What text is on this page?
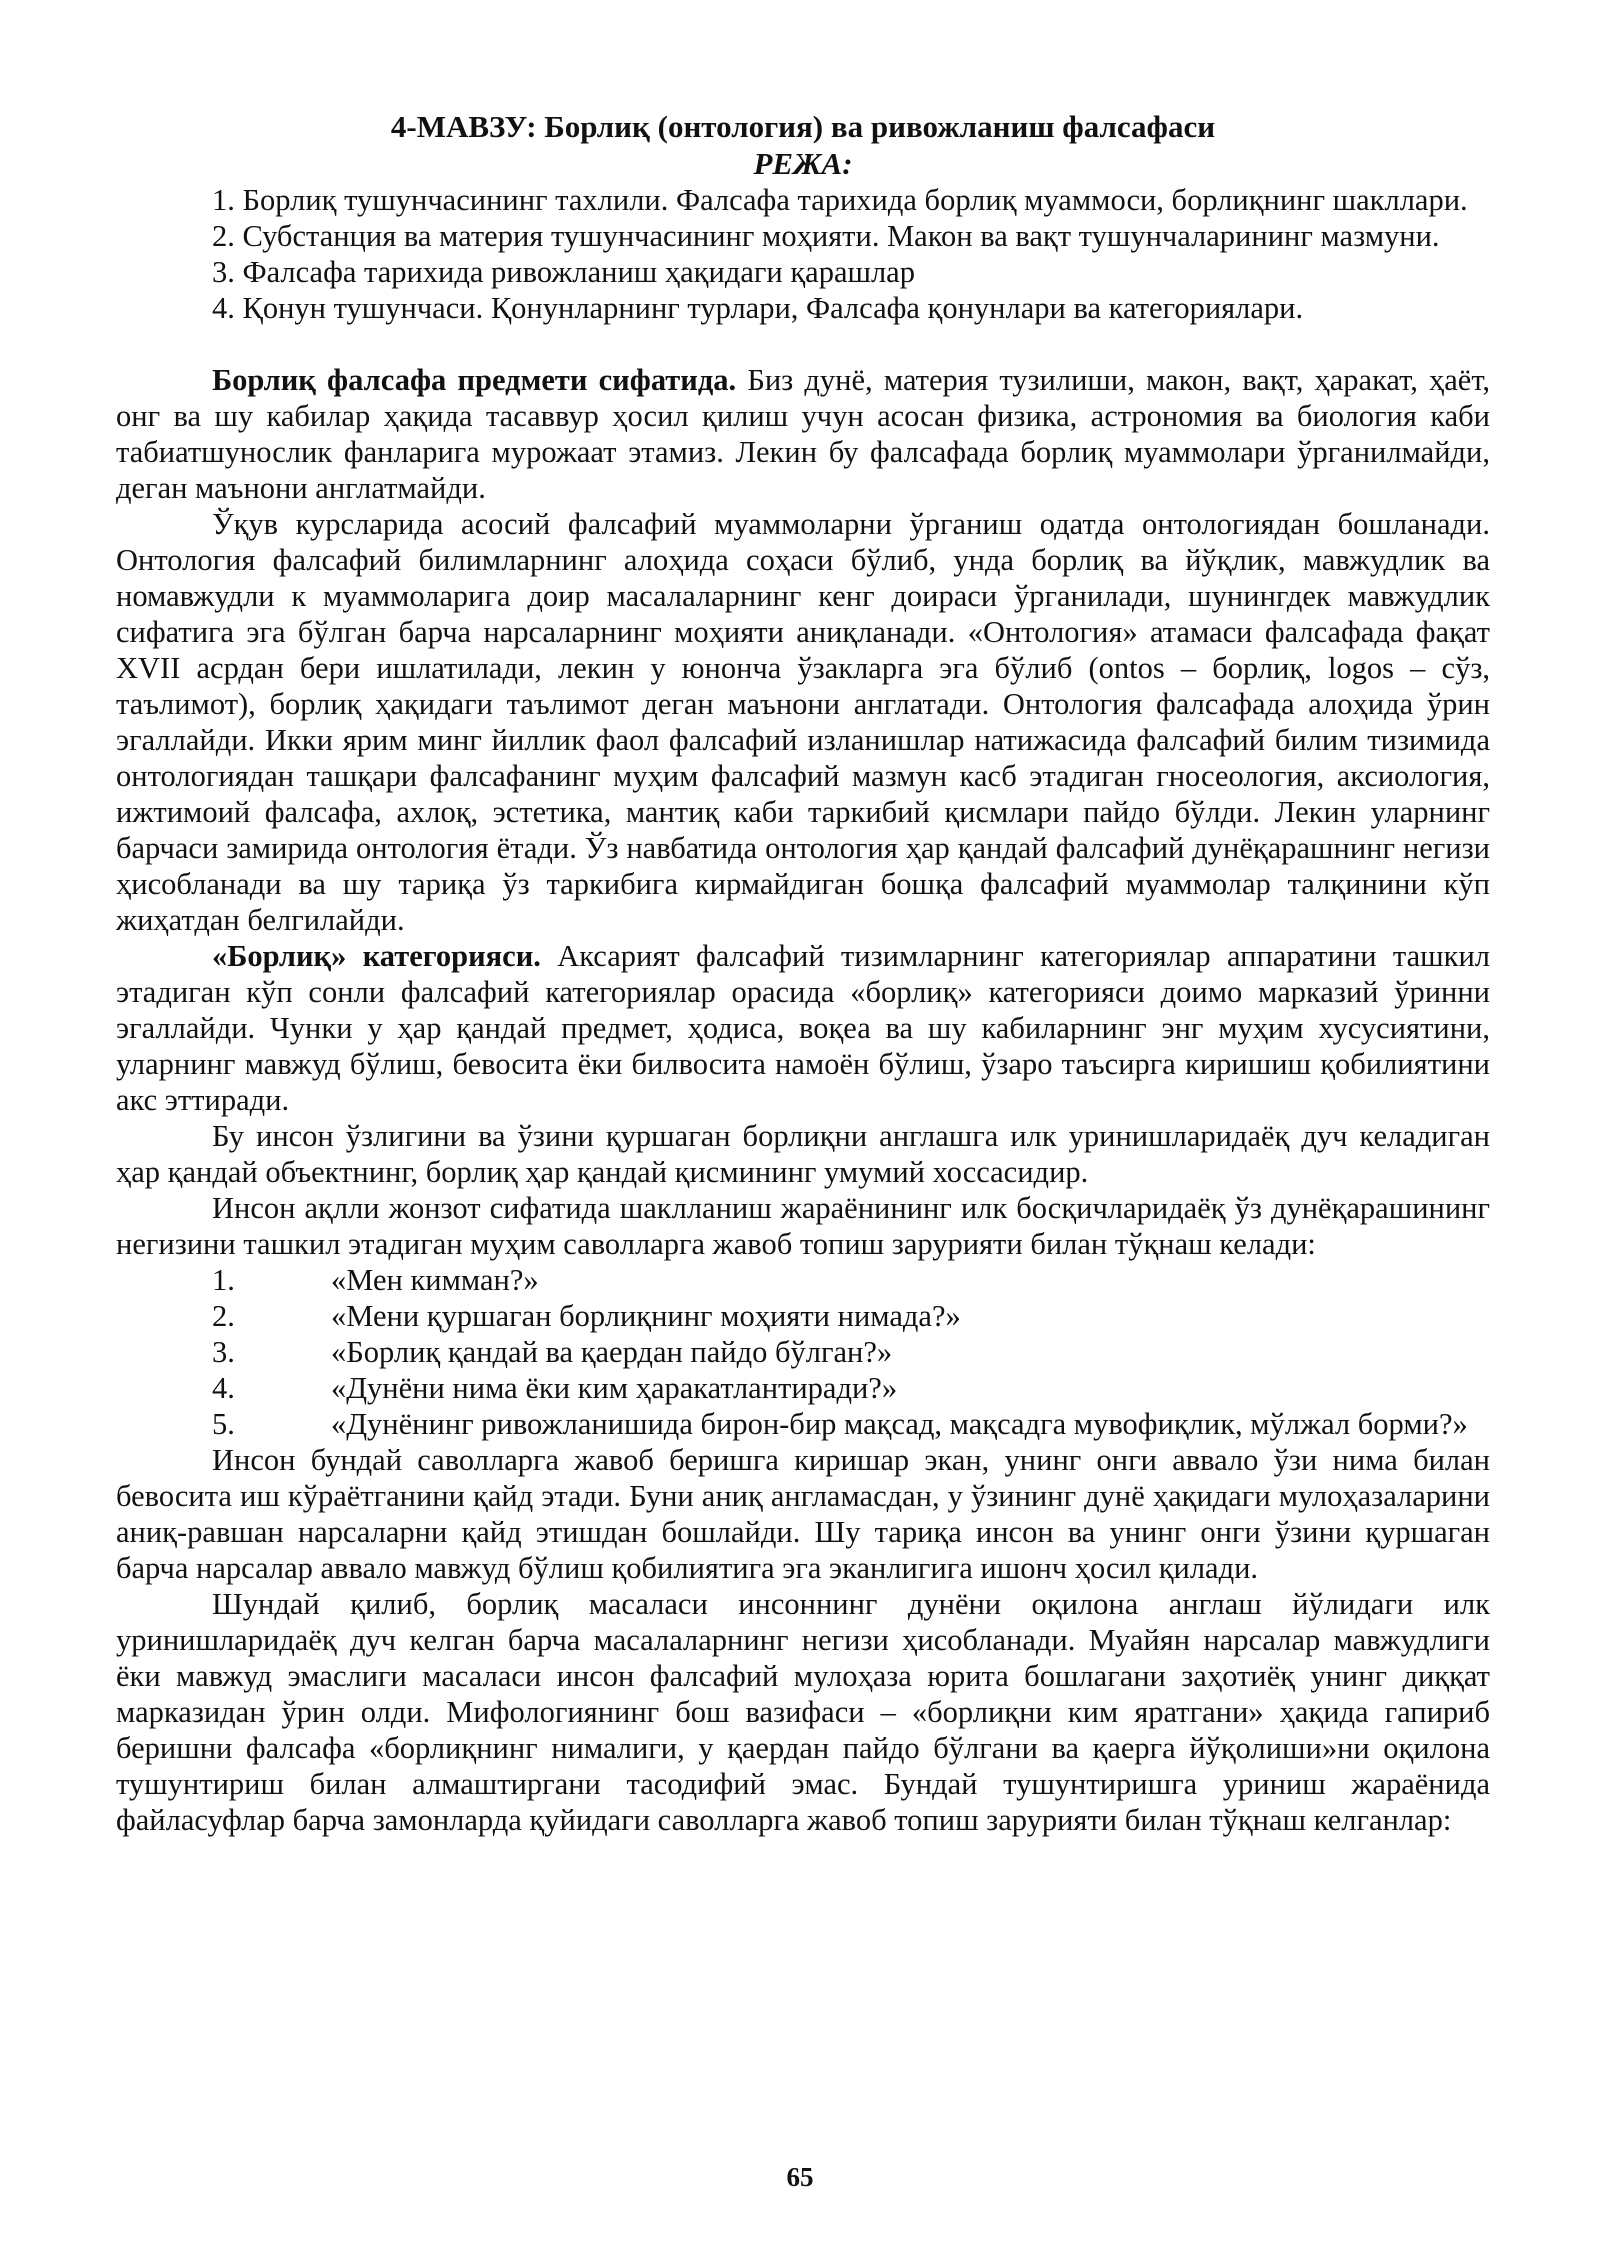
4-МАВЗУ: Борлиқ (онтология) ва ривожланиш фалсафаси
РЕЖА:

1. Борлиқ тушунчасининг тахлили. Фалсафа тарихида борлиқ муаммоси, борлиқнинг шакллари.

2. Субстанция ва материя тушунчасининг моҳияти. Макон ва вақт тушунчаларининг мазмуни.

3. Фалсафа тарихида ривожланиш ҳақидаги қарашлар

4. Қонун тушунчаси. Қонунларнинг турлари, Фалсафа қонунлари ва категориялари.

Борлиқ фалсафа предмети сифатида. Биз дунё, материя тузилиши, макон, вақт, ҳаракат, ҳаёт, онг ва шу кабилар ҳақида тасаввур ҳосил қилиш учун асосан физика, астрономия ва биология каби табиатшунослик фанларига мурожаат этамиз. Лекин бу фалсафада борлиқ муаммолари ўрганилмайди, деган маънони англатмайди.

Ўқув курсларида асосий фалсафий муаммоларни ўрганиш одатда онтологиядан бошланади. Онтология фалсафий билимларнинг алоҳида соҳаси бўлиб, унда борлиқ ва йўқлик, мавжудлик ва номавжудли к муаммоларига доир масалаларнинг кенг доираси ўрганилади, шунингдек мавжудлик сифатига эга бўлган барча нарсаларнинг моҳияти аниқланади. «Онтология» атамаси фалсафада фақат XVII асрдан бери ишлатилади, лекин у юнонча ўзакларга эга бўлиб (ontos – борлиқ, logos – сўз, таълимот), борлиқ ҳақидаги таълимот деган маънони англатади. Онтология фалсафада алоҳида ўрин эгаллайди. Икки ярим минг йиллик фаол фалсафий изланишлар натижасида фалсафий билим тизимида онтологиядан ташқари фалсафанинг муҳим фалсафий мазмун касб этадиган гносеология, аксиология, ижтимоий фалсафа, ахлоқ, эстетика, мантиқ каби таркибий қисмлари пайдо бўлди. Лекин уларнинг барчаси замирида онтология ётади. Ўз навбатида онтология ҳар қандай фалсафий дунёқарашнинг негизи ҳисобланади ва шу тариқа ўз таркибига кирмайдиган бошқа фалсафий муаммолар талқинини кўп жиҳатдан белгилайди.

«Борлиқ» категорияси. Аксарият фалсафий тизимларнинг категориялар аппаратини ташкил этадиган кўп сонли фалсафий категориялар орасида «борлиқ» категорияси доимо марказий ўринни эгаллайди. Чунки у ҳар қандай предмет, ҳодиса, воқеа ва шу кабиларнинг энг муҳим хусусиятини, уларнинг мавжуд бўлиш, бевосита ёки билвосита намоён бўлиш, ўзаро таъсирга киришиш қобилиятини акс эттиради.

Бу инсон ўзлигини ва ўзини қуршаган борлиқни англашга илк уринишларидаёқ дуч келадиган ҳар қандай объектнинг, борлиқ ҳар қандай қисмининг умумий хоссасидир.

Инсон ақлли жонзот сифатида шаклланиш жараёнининг илк босқичларидаёқ ўз дунёқарашининг негизини ташкил этадиган муҳим саволларга жавоб топиш зарурияти билан тўқнаш келади:

1.	«Мен кимман?»
2.	«Мени қуршаган борлиқнинг моҳияти нимада?»
3.	«Борлиқ қандай ва қаердан пайдо бўлган?»
4.	«Дунёни нима ёки ким ҳаракатлантиради?»

5.	«Дунёнинг ривожланишида бирон-бир мақсад, мақсадга мувофиқлик, мўлжал борми?»

Инсон бундай саволларга жавоб беришга киришар экан, унинг онги аввало ўзи нима билан бевосита иш кўраётганини қайд этади. Буни аниқ англамасдан, у ўзининг дунё ҳақидаги мулоҳазаларини аниқ-равшан нарсаларни қайд этишдан бошлайди. Шу тариқа инсон ва унинг онги ўзини қуршаган барча нарсалар аввало мавжуд бўлиш қобилиятига эга эканлигига ишонч ҳосил қилади.

Шундай қилиб, борлиқ масаласи инсоннинг дунёни оқилона англаш йўлидаги илк уринишларидаёқ дуч келган барча масалаларнинг негизи ҳисобланади. Муайян нарсалар мавжудлиги ёки мавжуд эмаслиги масаласи инсон фалсафий мулоҳаза юрита бошлагани заҳотиёқ унинг диққат марказидан ўрин олди. Мифологиянинг бош вазифаси – «борлиқни ким яратгани» ҳақида гапириб беришни фалсафа «борлиқнинг нималиги, у қаердан пайдо бўлгани ва қаерга йўқолиши»ни оқилона тушунтириш билан алмаштиргани тасодифий эмас. Бундай тушунтиришга уриниш жараёнида файласуфлар барча замонларда қуйидаги саволларга жавоб топиш зарурияти билан тўқнаш келганлар:

65
